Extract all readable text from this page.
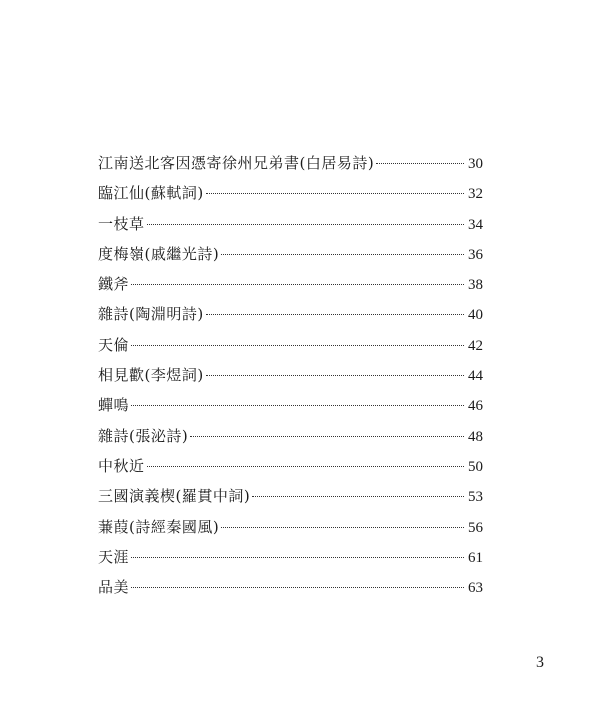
江南送北客因憑寄徐州兄弟書(白居易詩)	30
臨江仙(蘇軾詞)	32
一枝草	34
度梅嶺(戚繼光詩)	36
鐵斧	38
雜詩(陶淵明詩)	40
天倫	42
相見歡(李煜詞)	44
蟬鳴	46
雜詩(張泌詩)	48
中秋近	50
三國演義楔(羅貫中詞)	53
蒹葭(詩經秦國風)	56
天涯	61
品美	63
3
